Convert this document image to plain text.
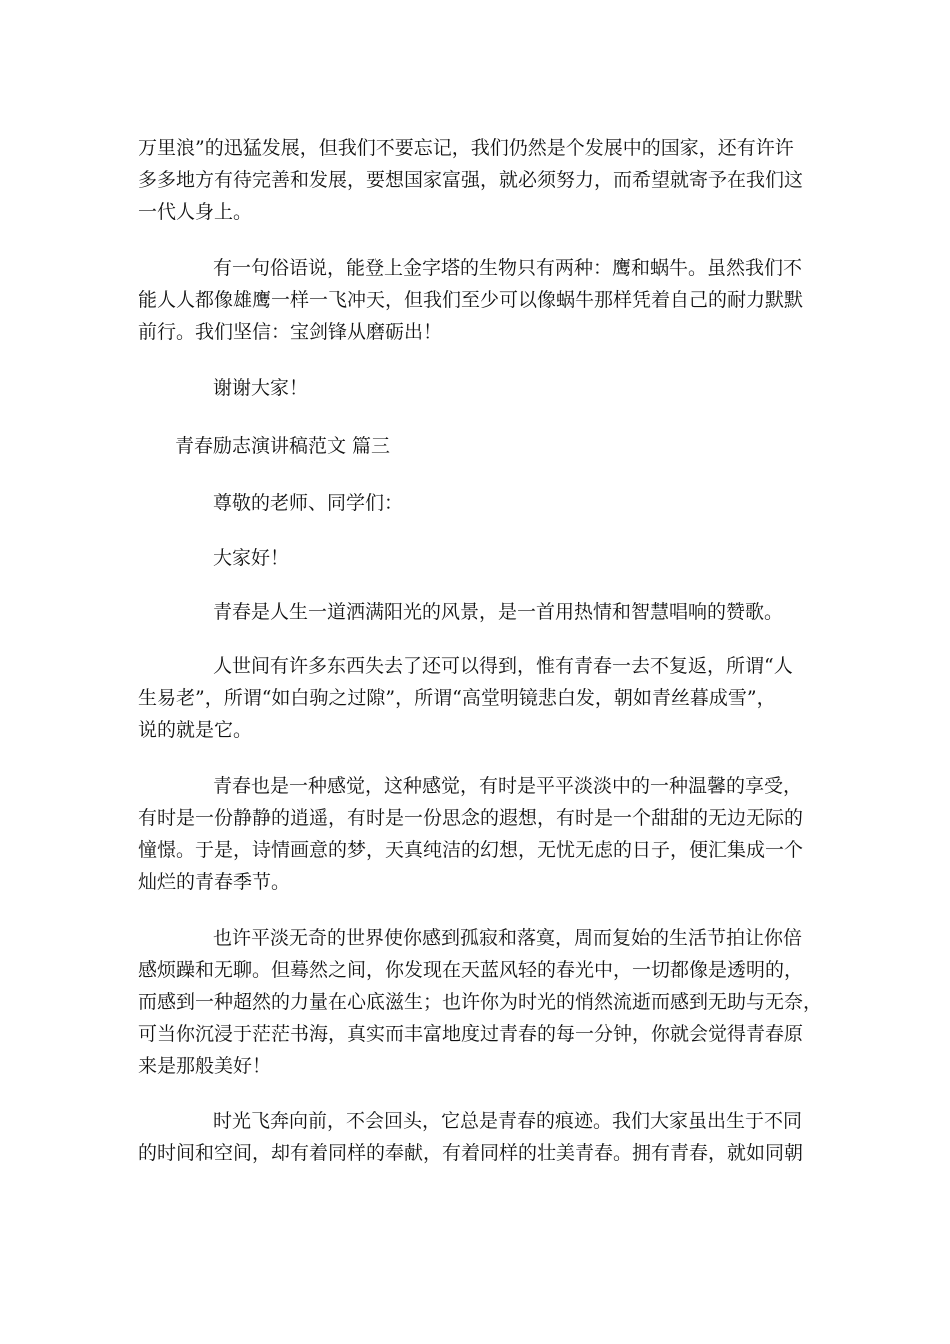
万里浪”的迅猛发展，但我们不要忘记，我们仍然是个发展中的国家，还有许许
多多地方有待完善和发展，要想国家富强，就必须努力，而希望就寄予在我们这
一代人身上。
有一句俗语说，能登上金字塔的生物只有两种：鹰和蜗牛。虽然我们不
能人人都像雄鹰一样一飞冲天，但我们至少可以像蜗牛那样凭着自己的耐力默默
前行。我们坚信：宝剑锋从磨砺出！
谢谢大家！
青春励志演讲稿范文 篇三
尊敬的老师、同学们：
大家好！
青春是人生一道洒满阳光的风景，是一首用热情和智慧唱响的赞歌。
人世间有许多东西失去了还可以得到，惟有青春一去不复返，所谓“人
生易老”，所谓“如白驹之过隙”，所谓“高堂明镜悲白发，朝如青丝暮成雪”，
说的就是它。
青春也是一种感觉，这种感觉，有时是平平淡淡中的一种温馨的享受，
有时是一份静静的逍遥，有时是一份思念的遐想，有时是一个甜甜的无边无际的
憧憬。于是，诗情画意的梦，天真纯洁的幻想，无忧无虑的日子，便汇集成一个
灿烂的青春季节。
也许平淡无奇的世界使你感到孤寂和落寞，周而复始的生活节拍让你倍
感烦躁和无聊。但蓦然之间，你发现在天蓝风轻的春光中，一切都像是透明的，
而感到一种超然的力量在心底滋生；也许你为时光的悄然流逝而感到无助与无奈，
可当你沉浸于茫茫书海，真实而丰富地度过青春的每一分钟，你就会觉得青春原
来是那般美好！
时光飞奔向前，不会回头，它总是青春的痕迹。我们大家虽出生于不同
的时间和空间，却有着同样的奉献，有着同样的壮美青春。拥有青春，就如同朝
